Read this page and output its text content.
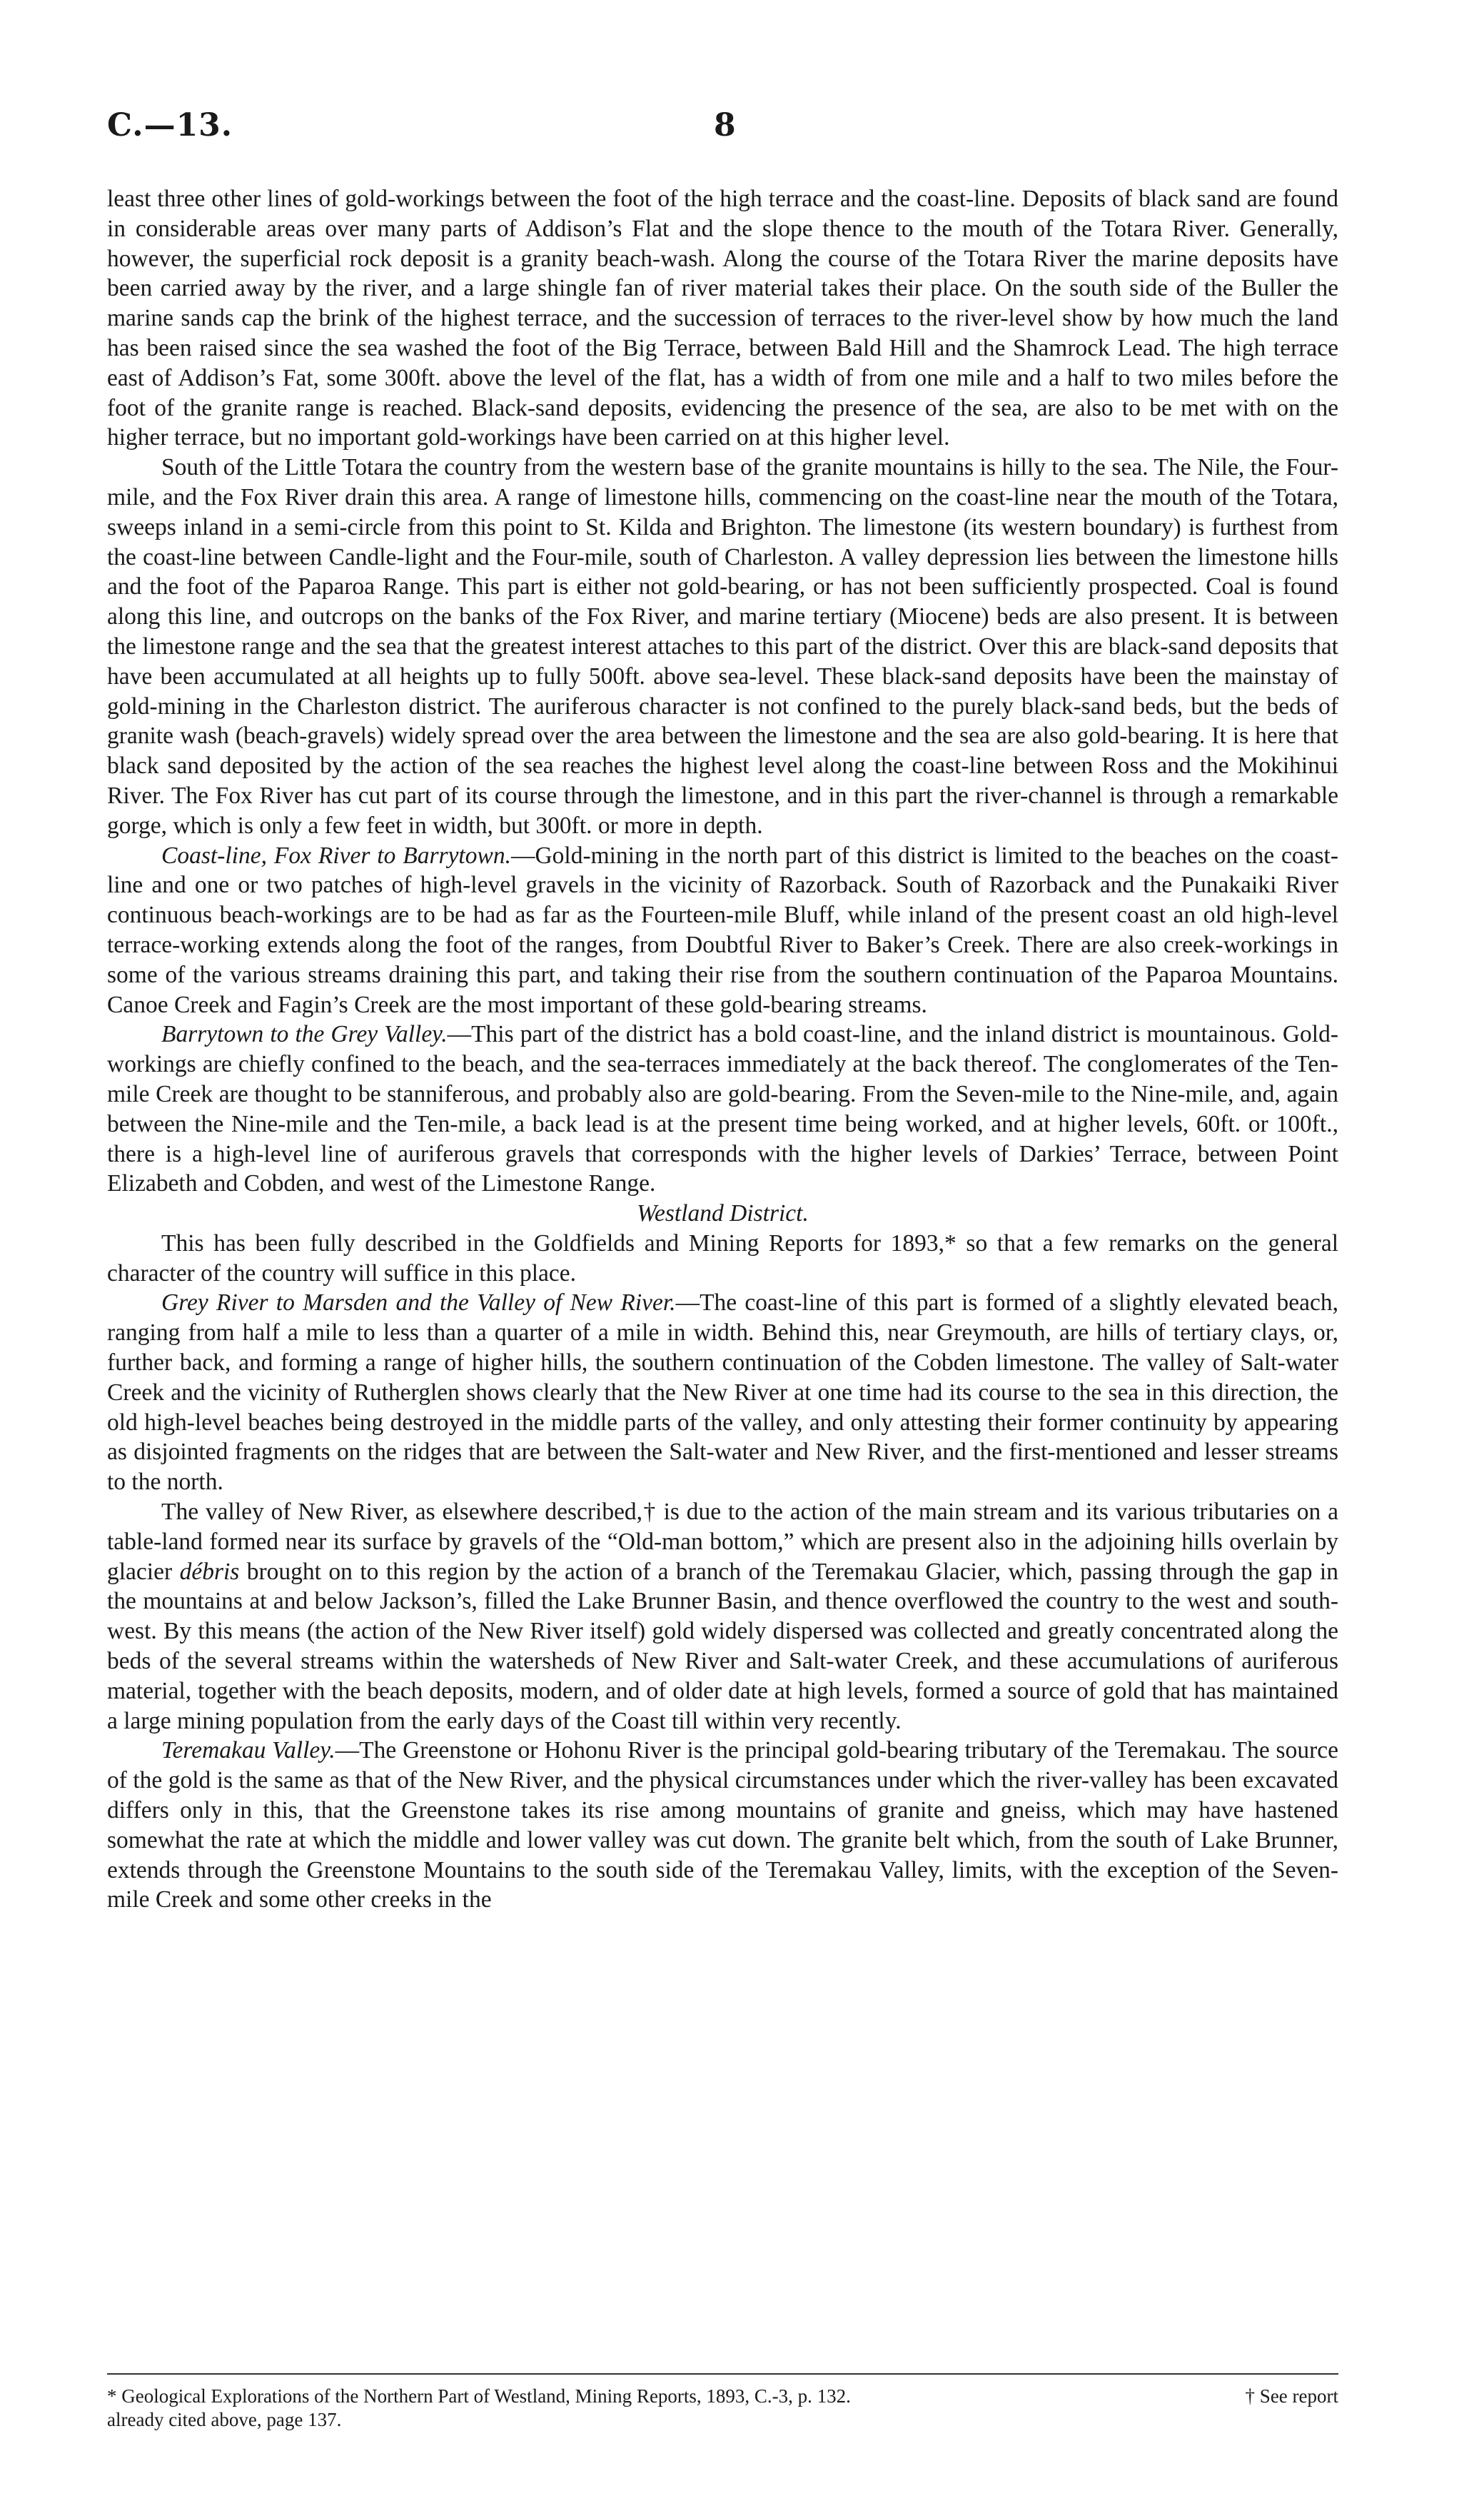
C.—13.	8

least three other lines of gold-workings between the foot of the high terrace and the coast-line. Deposits of black sand are found in considerable areas over many parts of Addison’s Flat and the slope thence to the mouth of the Totara River. Generally, however, the superficial rock deposit is a granity beach-wash. Along the course of the Totara River the marine deposits have been carried away by the river, and a large shingle fan of river material takes their place. On the south side of the Buller the marine sands cap the brink of the highest terrace, and the succession of terraces to the river-level show by how much the land has been raised since the sea washed the foot of the Big Terrace, between Bald Hill and the Shamrock Lead. The high terrace east of Addison’s Fat, some 300ft. above the level of the flat, has a width of from one mile and a half to two miles before the foot of the granite range is reached. Black-sand deposits, evidencing the presence of the sea, are also to be met with on the higher terrace, but no important gold-workings have been carried on at this higher level.

South of the Little Totara the country from the western base of the granite mountains is hilly to the sea. The Nile, the Four-mile, and the Fox River drain this area. A range of limestone hills, commencing on the coast-line near the mouth of the Totara, sweeps inland in a semi-circle from this point to St. Kilda and Brighton. The limestone (its western boundary) is furthest from the coast-line between Candle-light and the Four-mile, south of Charleston. A valley depression lies between the limestone hills and the foot of the Paparoa Range. This part is either not gold-bearing, or has not been sufficiently prospected. Coal is found along this line, and outcrops on the banks of the Fox River, and marine tertiary (Miocene) beds are also present. It is between the limestone range and the sea that the greatest interest attaches to this part of the district. Over this are black-sand deposits that have been accumulated at all heights up to fully 500ft. above sea-level. These black-sand deposits have been the mainstay of gold-mining in the Charleston district. The auriferous character is not confined to the purely black-sand beds, but the beds of granite wash (beach-gravels) widely spread over the area between the limestone and the sea are also gold-bearing. It is here that black sand deposited by the action of the sea reaches the highest level along the coast-line between Ross and the Mokihinui River. The Fox River has cut part of its course through the limestone, and in this part the river-channel is through a remarkable gorge, which is only a few feet in width, but 300ft. or more in depth.

Coast-line, Fox River to Barrytown.—Gold-mining in the north part of this district is limited to the beaches on the coast-line and one or two patches of high-level gravels in the vicinity of Razorback. South of Razorback and the Punakaiki River continuous beach-workings are to be had as far as the Fourteen-mile Bluff, while inland of the present coast an old high-level terrace-working extends along the foot of the ranges, from Doubtful River to Baker’s Creek. There are also creek-workings in some of the various streams draining this part, and taking their rise from the southern continuation of the Paparoa Mountains. Canoe Creek and Fagin’s Creek are the most important of these gold-bearing streams.

Barrytown to the Grey Valley.—This part of the district has a bold coast-line, and the inland district is mountainous. Gold-workings are chiefly confined to the beach, and the sea-terraces immediately at the back thereof. The conglomerates of the Ten-mile Creek are thought to be stanniferous, and probably also are gold-bearing. From the Seven-mile to the Nine-mile, and, again between the Nine-mile and the Ten-mile, a back lead is at the present time being worked, and at higher levels, 60ft. or 100ft., there is a high-level line of auriferous gravels that corresponds with the higher levels of Darkies’ Terrace, between Point Elizabeth and Cobden, and west of the Limestone Range.

Westland District.

This has been fully described in the Goldfields and Mining Reports for 1893,* so that a few remarks on the general character of the country will suffice in this place.

Grey River to Marsden and the Valley of New River.—The coast-line of this part is formed of a slightly elevated beach, ranging from half a mile to less than a quarter of a mile in width. Behind this, near Greymouth, are hills of tertiary clays, or, further back, and forming a range of higher hills, the southern continuation of the Cobden limestone. The valley of Salt-water Creek and the vicinity of Rutherglen shows clearly that the New River at one time had its course to the sea in this direction, the old high-level beaches being destroyed in the middle parts of the valley, and only attesting their former continuity by appearing as disjointed fragments on the ridges that are between the Salt-water and New River, and the first-mentioned and lesser streams to the north.

The valley of New River, as elsewhere described,† is due to the action of the main stream and its various tributaries on a table-land formed near its surface by gravels of the “Old-man bottom,” which are present also in the adjoining hills overlain by glacier débris brought on to this region by the action of a branch of the Teremakau Glacier, which, passing through the gap in the mountains at and below Jackson’s, filled the Lake Brunner Basin, and thence overflowed the country to the west and south-west. By this means (the action of the New River itself) gold widely dispersed was collected and greatly concentrated along the beds of the several streams within the watersheds of New River and Salt-water Creek, and these accumulations of auriferous material, together with the beach deposits, modern, and of older date at high levels, formed a source of gold that has maintained a large mining population from the early days of the Coast till within very recently.

Teremakau Valley.—The Greenstone or Hohonu River is the principal gold-bearing tributary of the Teremakau. The source of the gold is the same as that of the New River, and the physical circumstances under which the river-valley has been excavated differs only in this, that the Greenstone takes its rise among mountains of granite and gneiss, which may have hastened somewhat the rate at which the middle and lower valley was cut down. The granite belt which, from the south of Lake Brunner, extends through the Greenstone Mountains to the south side of the Teremakau Valley, limits, with the exception of the Seven-mile Creek and some other creeks in the

* Geological Explorations of the Northern Part of Westland, Mining Reports, 1893, C.-3, p. 132.	† See report
already cited above, page 137.
